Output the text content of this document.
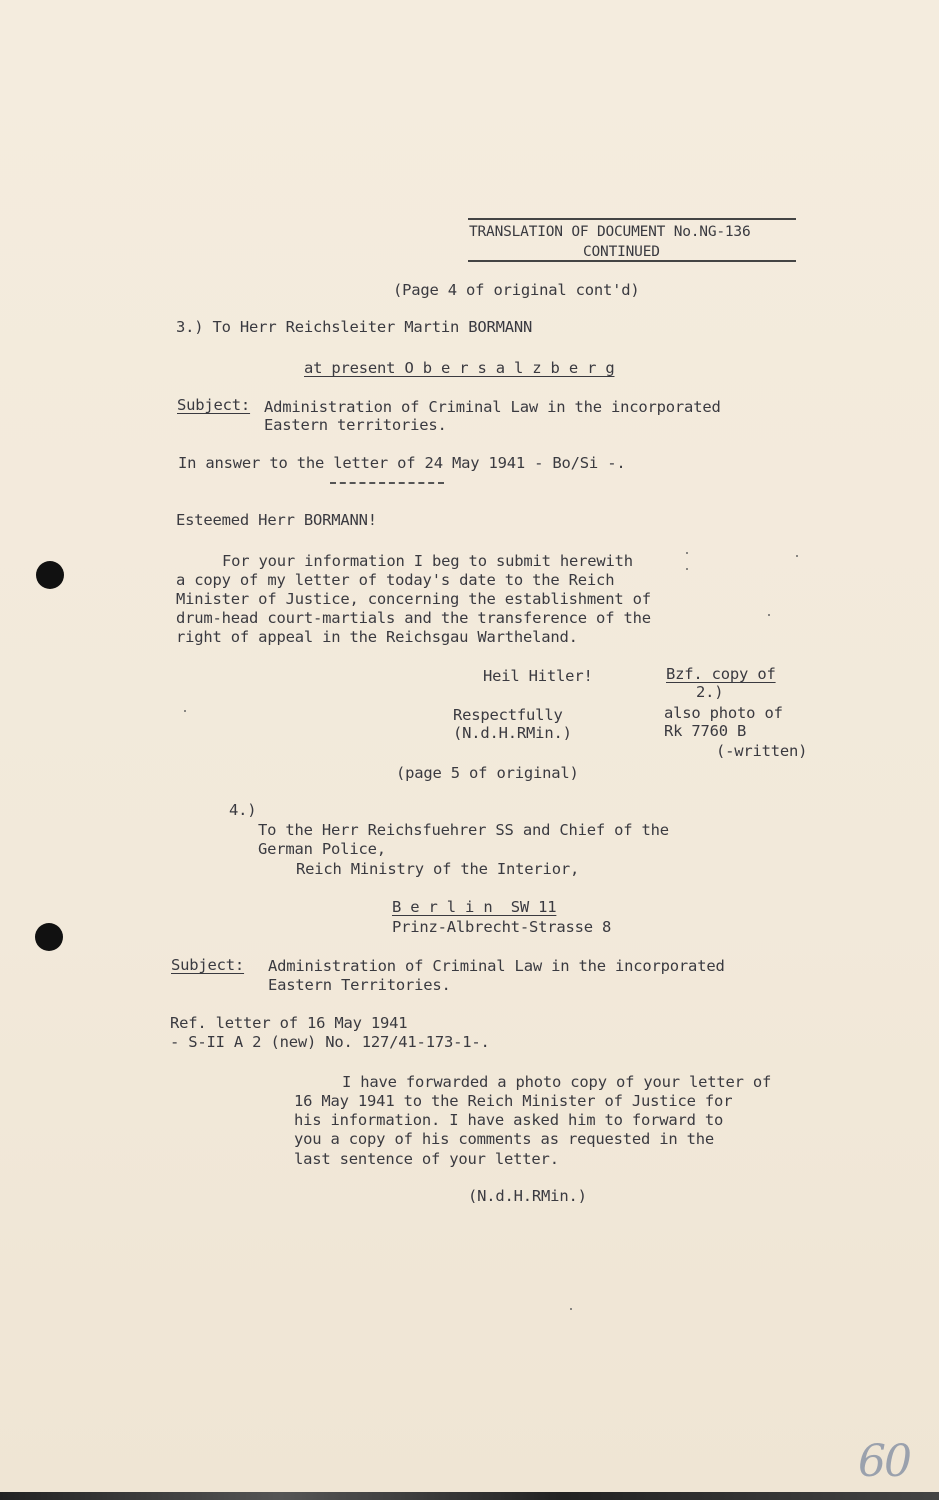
TRANSLATION OF DOCUMENT No.NG-136
CONTINUED
(Page 4 of original cont'd)
3.) To Herr Reichsleiter Martin BORMANN
at present O b e r s a l z b e r g
Subject: Administration of Criminal Law in the incorporated
Eastern territories.
In answer to the letter of 24 May 1941 - Bo/Si -.
Esteemed Herr BORMANN!
For your information I beg to submit herewith
a copy of my letter of today's date to the Reich
Minister of Justice, concerning the establishment of
drum-head court-martials and the transference of the
right of appeal in the Reichsgau Wartheland.
Heil Hitler!
Respectfully
(N.d.H.RMin.)
Bzf. copy of
2.)
also photo of
Rk 7760 B
(-written)
(page 5 of original)
4.)
To the Herr Reichsfuehrer SS and Chief of the
German Police,
Reich Ministry of the Interior,
B e r l i n  SW 11
Prinz-Albrecht-Strasse 8
Subject: Administration of Criminal Law in the incorporated
Eastern Territories.
Ref. letter of 16 May 1941
- S-II A 2 (new) No. 127/41-173-1-.
I have forwarded a photo copy of your letter of
16 May 1941 to the Reich Minister of Justice for
his information. I have asked him to forward to
you a copy of his comments as requested in the
last sentence of your letter.
(N.d.H.RMin.)
60
